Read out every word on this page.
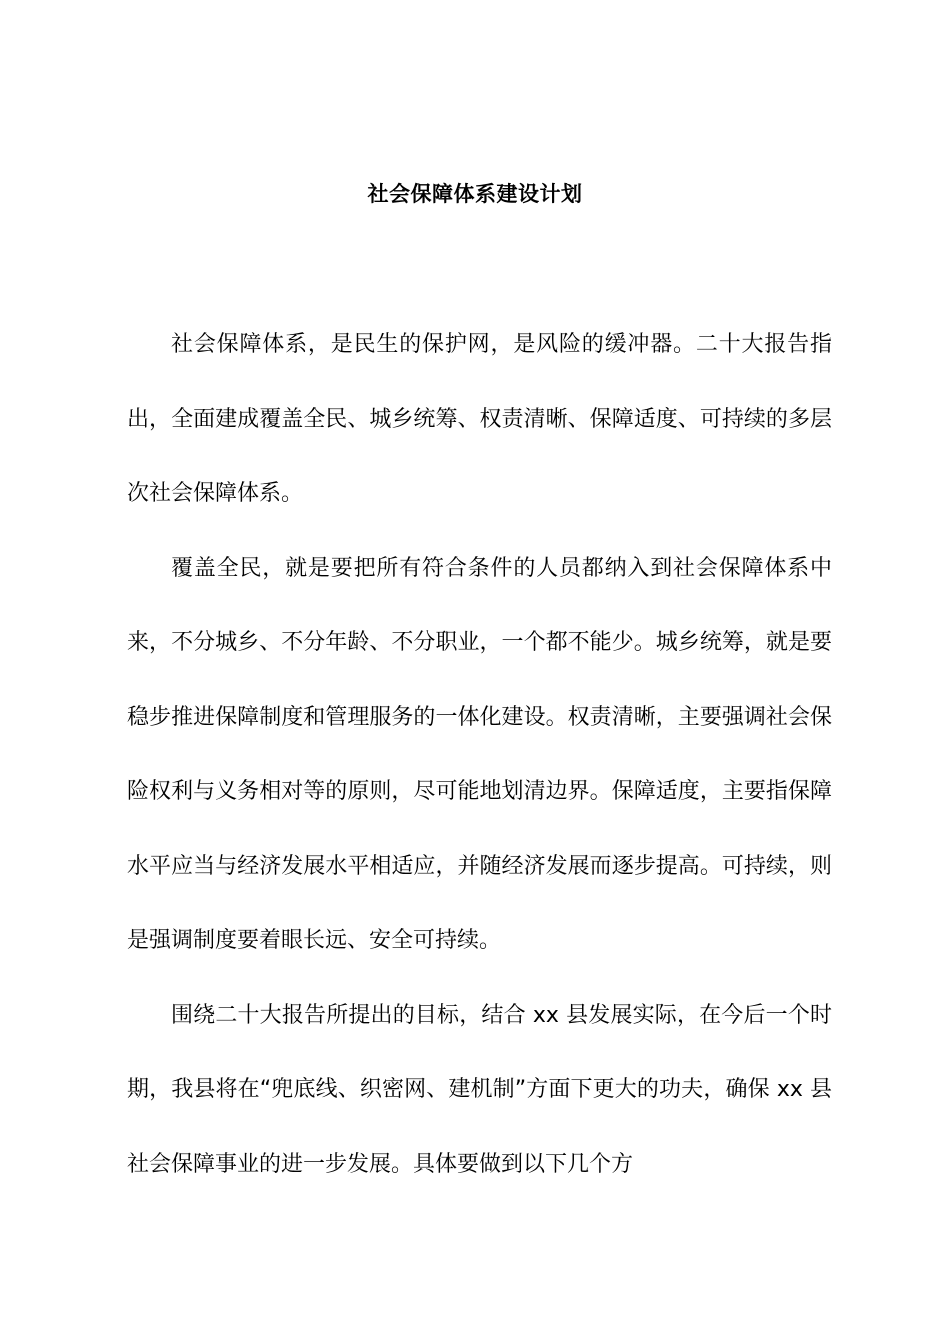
社会保障体系建设计划

社会保障体系，是民生的保护网，是风险的缓冲器。二十大报告指出，全面建成覆盖全民、城乡统筹、权责清晰、保障适度、可持续的多层次社会保障体系。

覆盖全民，就是要把所有符合条件的人员都纳入到社会保障体系中来，不分城乡、不分年龄、不分职业，一个都不能少。城乡统筹，就是要稳步推进保障制度和管理服务的一体化建设。权责清晰，主要强调社会保险权利与义务相对等的原则，尽可能地划清边界。保障适度，主要指保障水平应当与经济发展水平相适应，并随经济发展而逐步提高。可持续，则是强调制度要着眼长远、安全可持续。

围绕二十大报告所提出的目标，结合 xx 县发展实际，在今后一个时期，我县将在“兜底线、织密网、建机制”方面下更大的功夫，确保 xx 县社会保障事业的进一步发展。具体要做到以下几个方
